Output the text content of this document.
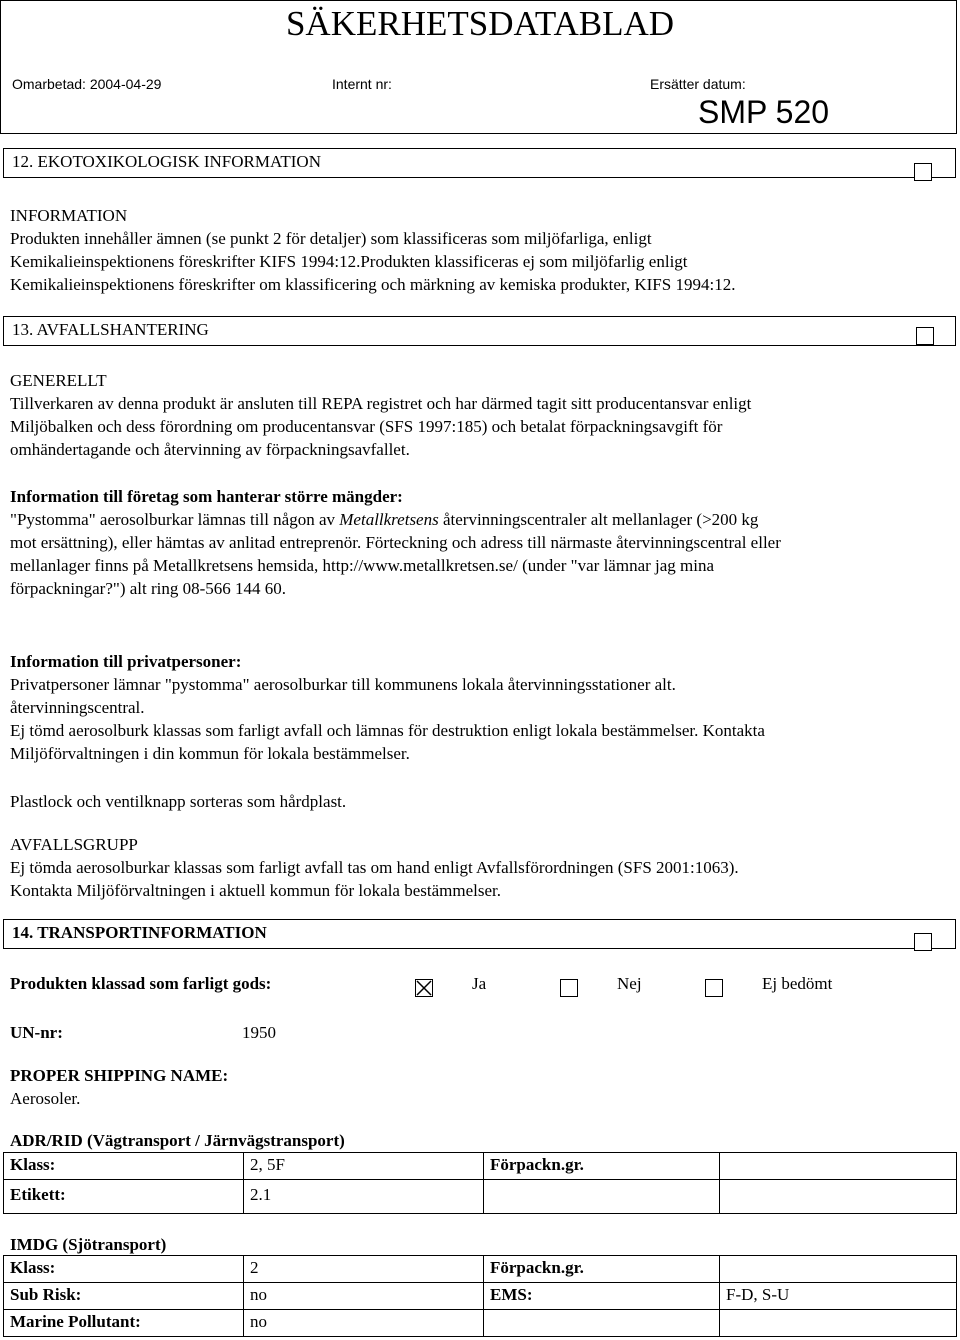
SÄKERHETSDATABLAD
Omarbetad: 2004-04-29	Internt nr:	Ersätter datum:
SMP 520
12. EKOTOXIKOLOGISK INFORMATION
INFORMATION
Produkten innehåller ämnen (se punkt 2 för detaljer) som klassificeras som miljöfarliga, enligt
Kemikalieinspektionens föreskrifter KIFS 1994:12.Produkten klassificeras ej som miljöfarlig enligt
Kemikalieinspektionens föreskrifter om klassificering och märkning av kemiska produkter, KIFS 1994:12.
13. AVFALLSHANTERING
GENERELLT
Tillverkaren av denna produkt är ansluten till REPA registret och har därmed tagit sitt producentansvar enligt
Miljöbalken och dess förordning om producentansvar (SFS 1997:185) och betalat förpackningsavgift för
omhändertagande och återvinning av förpackningsavfallet.
Information till företag som hanterar större mängder:
"Pystomma" aerosolburkar lämnas till någon av Metallkretsens återvinningscentraler alt mellanlager (>200 kg
mot ersättning), eller hämtas av anlitad entreprenör. Förteckning och adress till närmaste återvinningscentral eller
mellanlager finns på Metallkretsens hemsida, http://www.metallkretsen.se/ (under "var lämnar jag mina
förpackningar?") alt ring 08-566 144 60.
Information till privatpersoner:
Privatpersoner lämnar "pystomma" aerosolburkar till kommunens lokala återvinningsstationer alt.
återvinningscentral.
Ej tömd aerosolburk klassas som farligt avfall och lämnas för destruktion enligt lokala bestämmelser. Kontakta
Miljöförvaltningen i din kommun för lokala bestämmelser.
Plastlock och ventilknapp sorteras som hårdplast.
AVFALLSGRUPP
Ej tömda aerosolburkar klassas som farligt avfall tas om hand enligt Avfallsförordningen (SFS 2001:1063).
Kontakta Miljöförvaltningen i aktuell kommun för lokala bestämmelser.
14. TRANSPORTINFORMATION
Produkten klassad som farligt gods:	Ja	Nej	Ej bedömt
UN-nr:	1950
PROPER SHIPPING NAME:
Aerosoler.
ADR/RID (Vägtransport / Järnvägstransport)
Klass:	2, 5F	Förpackn.gr.	
Etikett:	2.1		
IMDG (Sjötransport)
Klass:	2	Förpackn.gr.	
Sub Risk:	no	EMS:	F-D, S-U
Marine Pollutant:	no		
